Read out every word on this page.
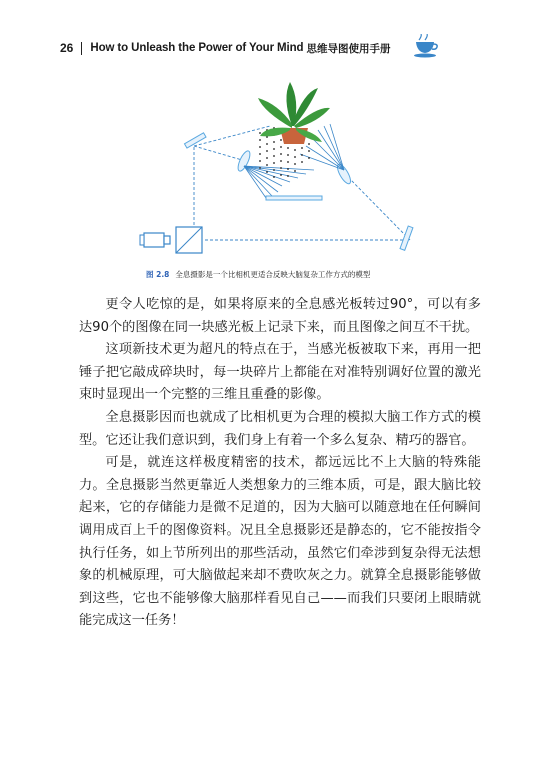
26 How to Unleash the Power of Your Mind 思维导图使用手册
图 2.8 全息摄影是一个比相机更适合反映大脑复杂工作方式的模型

更令人吃惊的是，如果将原来的全息感光板转过90°，可以有多达90个的图像在同一块感光板上记录下来，而且图像之间互不干扰。

这项新技术更为超凡的特点在于，当感光板被取下来，再用一把锤子把它敲成碎块时，每一块碎片上都能在对准特别调好位置的激光束时显现出一个完整的三维且重叠的影像。

全息摄影因而也就成了比相机更为合理的模拟大脑工作方式的模型。它还让我们意识到，我们身上有着一个多么复杂、精巧的器官。

可是，就连这样极度精密的技术，都远远比不上大脑的特殊能力。全息摄影当然更靠近人类想象力的三维本质，可是，跟大脑比较起来，它的存储能力是微不足道的，因为大脑可以随意地在任何瞬间调用成百上千的图像资料。况且全息摄影还是静态的，它不能按指令执行任务，如上节所列出的那些活动，虽然它们牵涉到复杂得无法想象的机械原理，可大脑做起来却不费吹灰之力。就算全息摄影能够做到这些，它也不能够像大脑那样看见自己——而我们只要闭上眼睛就能完成这一任务！
